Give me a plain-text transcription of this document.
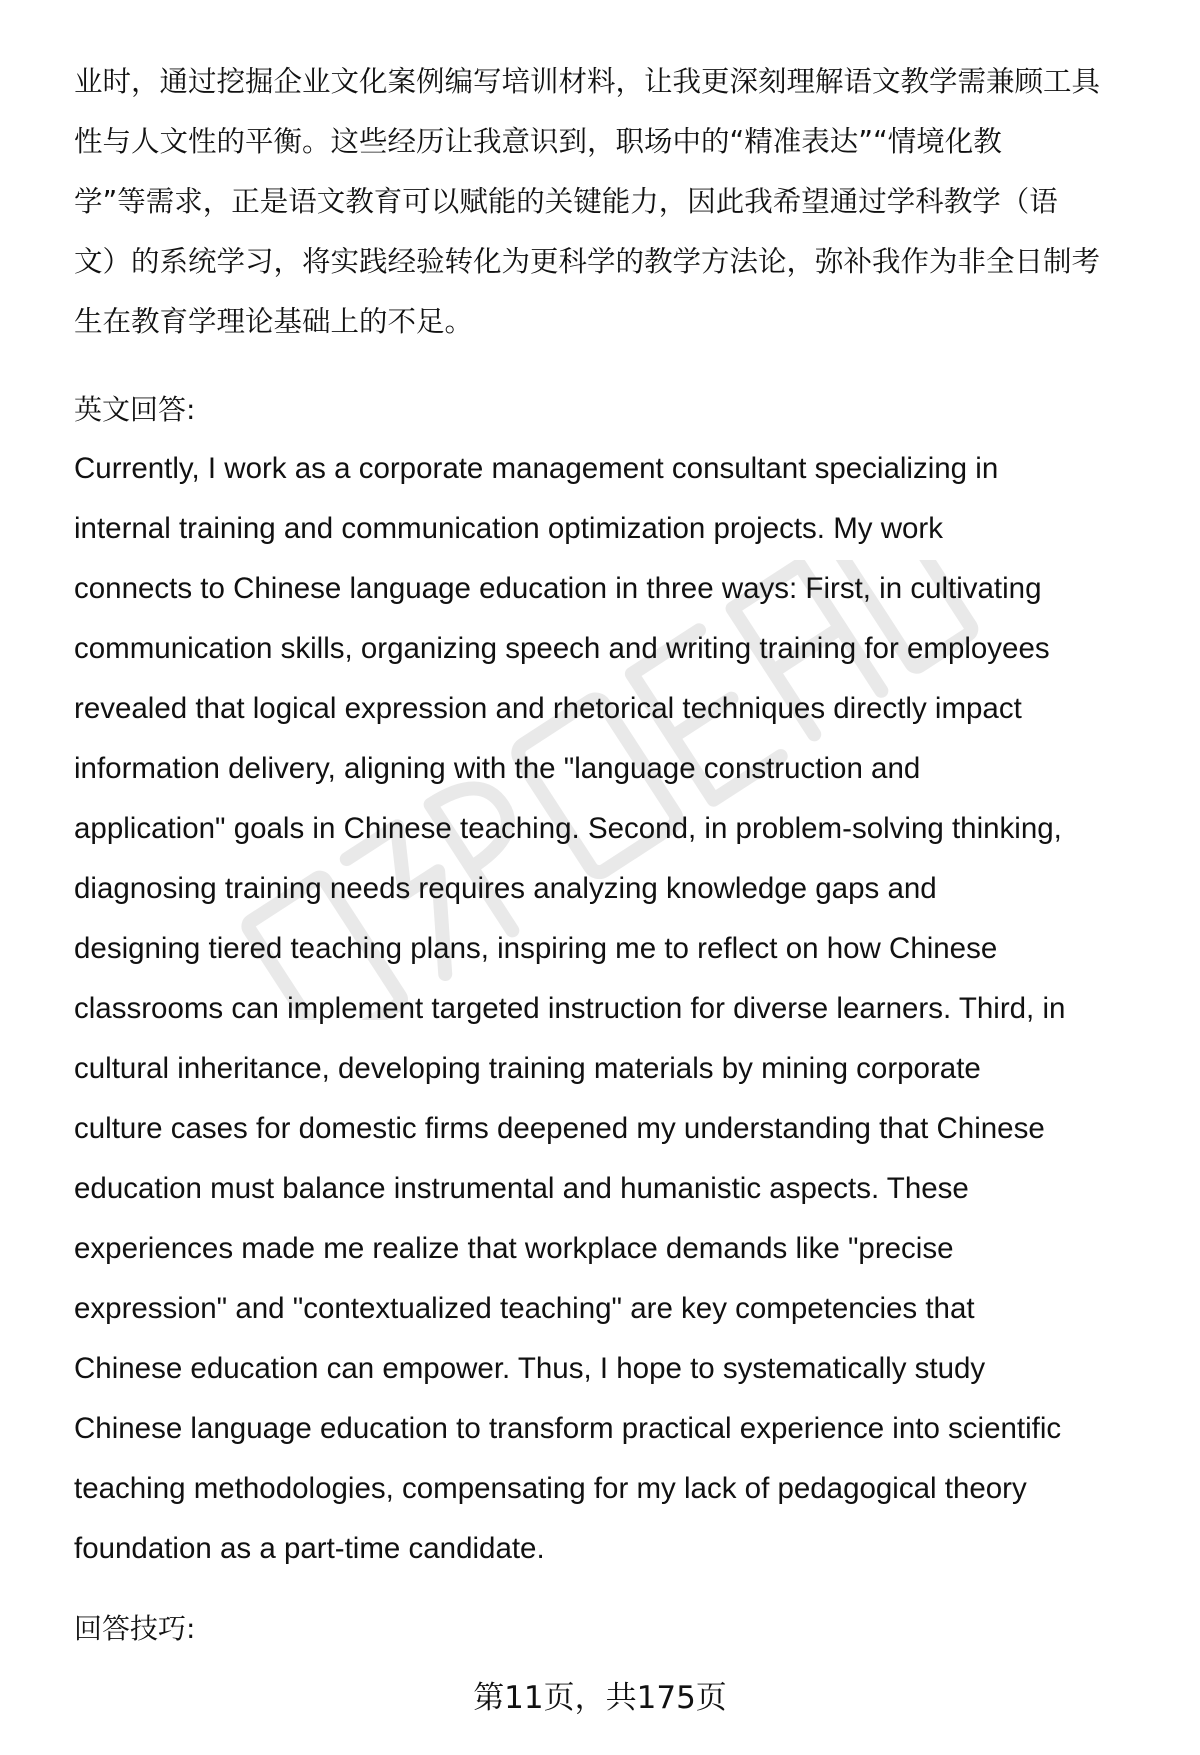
业时，通过挖掘企业文化案例编写培训材料，让我更深刻理解语文教学需兼顾工具
性与人文性的平衡。这些经历让我意识到，职场中的“精准表达”“情境化教
学”等需求，正是语文教育可以赋能的关键能力，因此我希望通过学科教学（语
文）的系统学习，将实践经验转化为更科学的教学方法论，弥补我作为非全日制考
生在教育学理论基础上的不足。

英文回答:

Currently, I work as a corporate management consultant specializing in
internal training and communication optimization projects. My work
connects to Chinese language education in three ways: First, in cultivating
communication skills, organizing speech and writing training for employees
revealed that logical expression and rhetorical techniques directly impact
information delivery, aligning with the "language construction and
application" goals in Chinese teaching. Second, in problem-solving thinking,
diagnosing training needs requires analyzing knowledge gaps and
designing tiered teaching plans, inspiring me to reflect on how Chinese
classrooms can implement targeted instruction for diverse learners. Third, in
cultural inheritance, developing training materials by mining corporate
culture cases for domestic firms deepened my understanding that Chinese
education must balance instrumental and humanistic aspects. These
experiences made me realize that workplace demands like "precise
expression" and "contextualized teaching" are key competencies that
Chinese education can empower. Thus, I hope to systematically study
Chinese language education to transform practical experience into scientific
teaching methodologies, compensating for my lack of pedagogical theory
foundation as a part-time candidate.

回答技巧:

第11页，共175页
